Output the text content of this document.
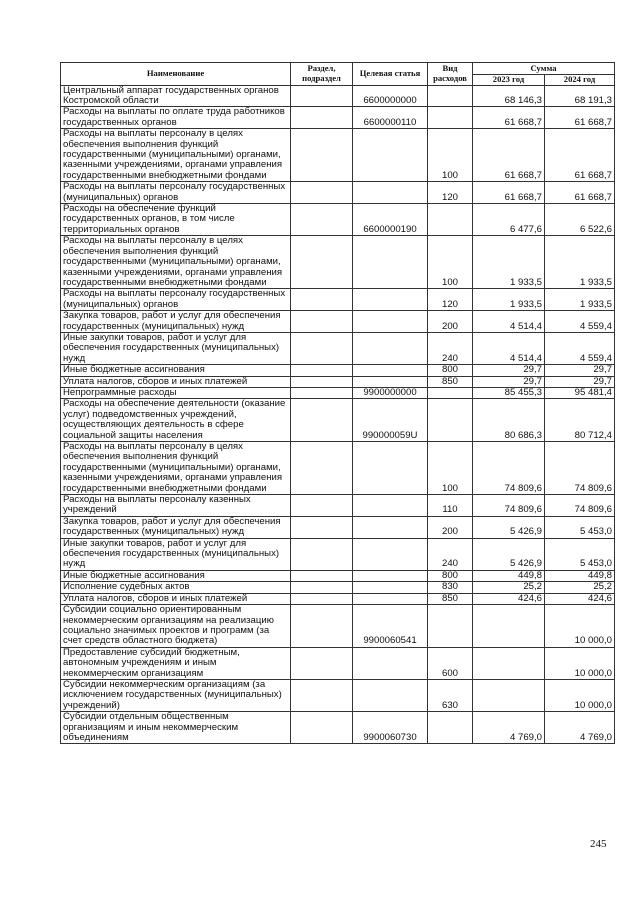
Наименование	Раздел, подраздел	Целевая статья	Вид расходов	Сумма	
				2023 год	2024 год
Центральный аппарат государственных органов Костромской области		6600000000		68 146,3	68 191,3
Расходы на выплаты по оплате труда работников государственных органов		6600000110		61 668,7	61 668,7
Расходы на выплаты персоналу в целях обеспечения выполнения функций государственными (муниципальными) органами, казенными учреждениями, органами управления государственными внебюджетными фондами			100	61 668,7	61 668,7
Расходы на выплаты персоналу государственных (муниципальных) органов			120	61 668,7	61 668,7
Расходы на обеспечение функций государственных органов, в том числе территориальных органов		6600000190		6 477,6	6 522,6
Расходы на выплаты персоналу в целях обеспечения выполнения функций государственными (муниципальными) органами, казенными учреждениями, органами управления государственными внебюджетными фондами			100	1 933,5	1 933,5
Расходы на выплаты персоналу государственных (муниципальных) органов			120	1 933,5	1 933,5
Закупка товаров, работ и услуг для обеспечения государственных (муниципальных) нужд			200	4 514,4	4 559,4
Иные закупки товаров, работ и услуг для обеспечения государственных (муниципальных) нужд			240	4 514,4	4 559,4
Иные бюджетные ассигнования			800	29,7	29,7
Уплата налогов, сборов и иных платежей			850	29,7	29,7
Непрограммные расходы		9900000000		85 455,3	95 481,4
Расходы на обеспечение деятельности (оказание услуг) подведомственных учреждений, осуществляющих деятельность в сфере социальной защиты населения		990000059U		80 686,3	80 712,4
Расходы на выплаты персоналу в целях обеспечения выполнения функций государственными (муниципальными) органами, казенными учреждениями, органами управления государственными внебюджетными фондами			100	74 809,6	74 809,6
Расходы на выплаты персоналу казенных учреждений			110	74 809,6	74 809,6
Закупка товаров, работ и услуг для обеспечения государственных (муниципальных) нужд			200	5 426,9	5 453,0
Иные закупки товаров, работ и услуг для обеспечения государственных (муниципальных) нужд			240	5 426,9	5 453,0
Иные бюджетные ассигнования			800	449,8	449,8
Исполнение судебных актов			830	25,2	25,2
Уплата налогов, сборов и иных платежей			850	424,6	424,6
Субсидии социально ориентированным некоммерческим организациям на реализацию социально значимых проектов и программ (за счет средств областного бюджета)		9900060541			10 000,0
Предоставление субсидий бюджетным, автономным учреждениям и иным некоммерческим организациям			600		10 000,0
Субсидии некоммерческим организациям (за исключением государственных (муниципальных) учреждений)			630		10 000,0
Субсидии отдельным общественным организациям и иным некоммерческим объединениям		9900060730		4 769,0	4 769,0
245
